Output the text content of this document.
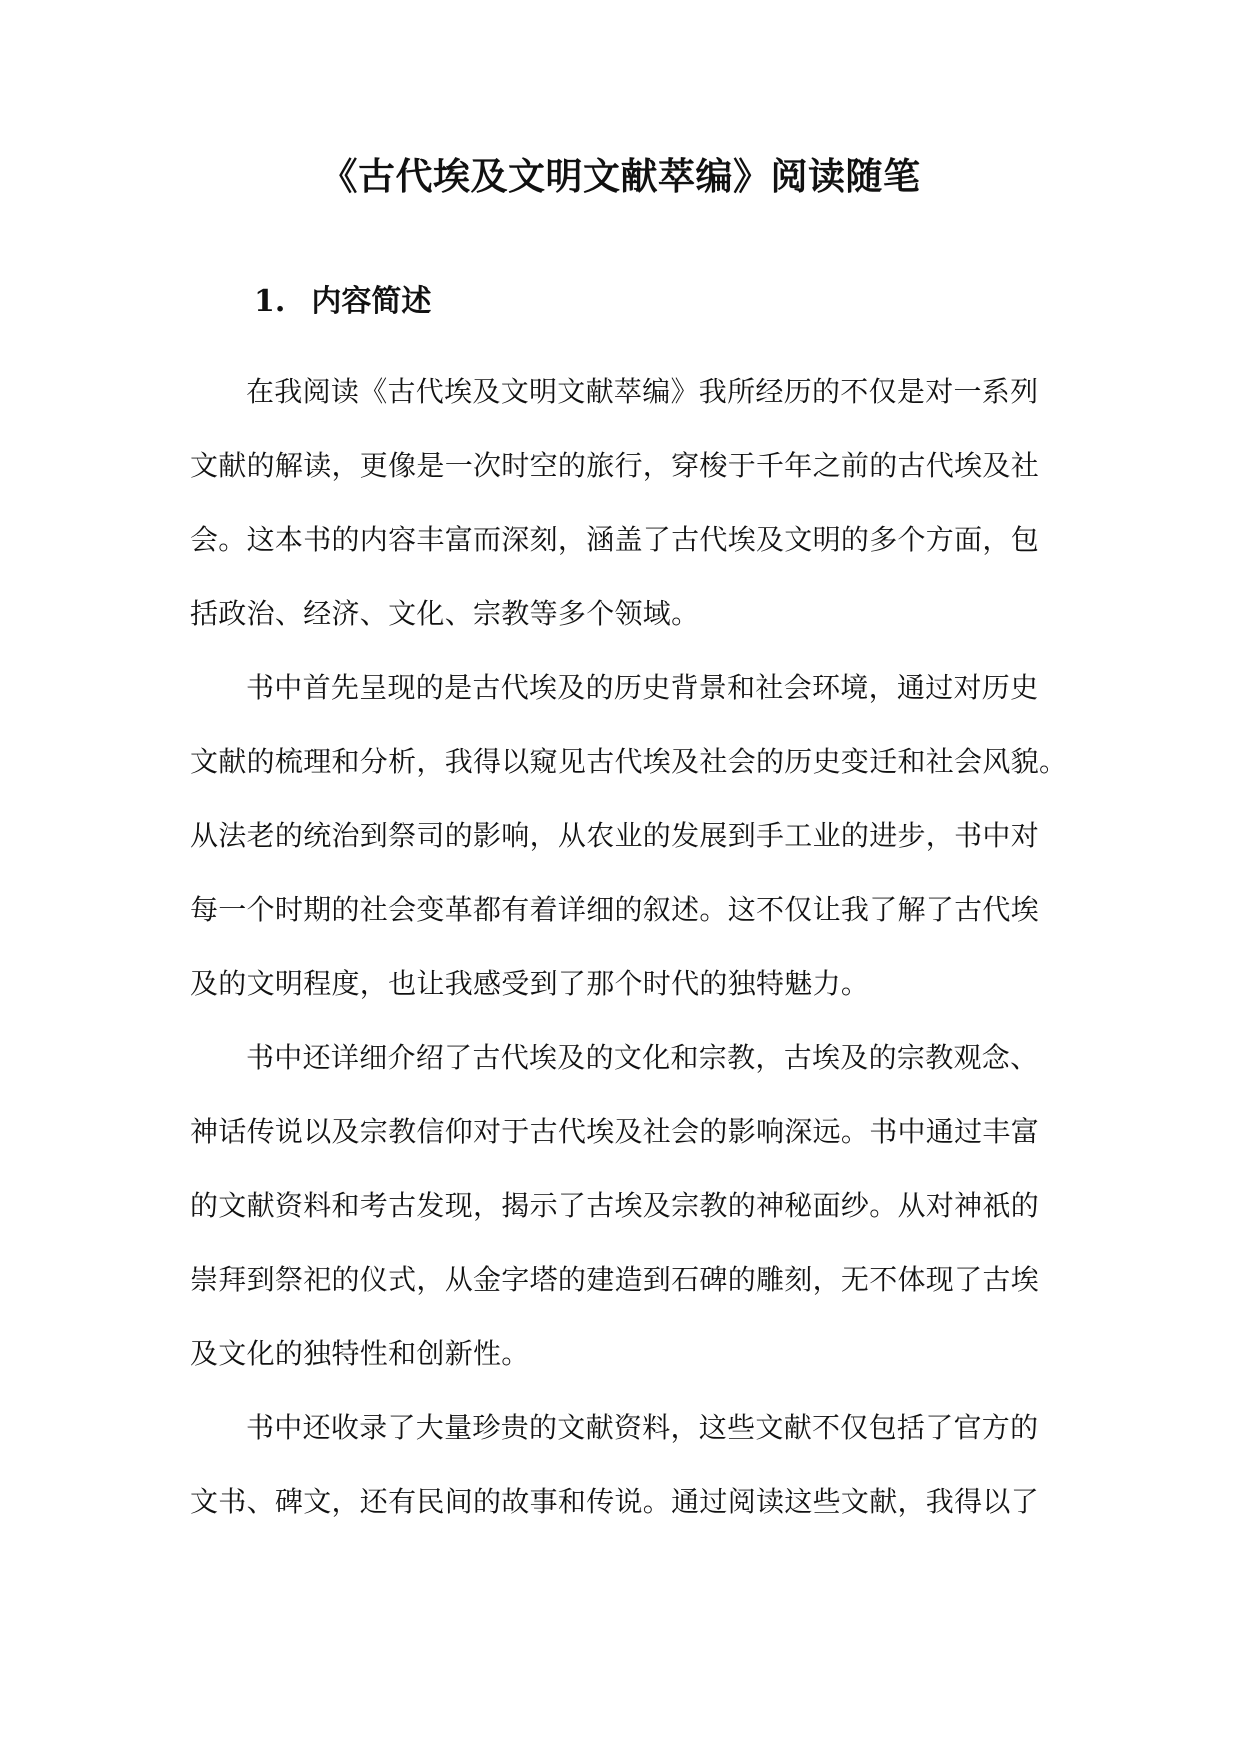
《古代埃及文明文献萃编》阅读随笔
1. 内容简述

在我阅读《古代埃及文明文献萃编》我所经历的不仅是对一系列
文献的解读，更像是一次时空的旅行，穿梭于千年之前的古代埃及社
会。这本书的内容丰富而深刻，涵盖了古代埃及文明的多个方面，包
括政治、经济、文化、宗教等多个领域。

书中首先呈现的是古代埃及的历史背景和社会环境，通过对历史
文献的梳理和分析，我得以窥见古代埃及社会的历史变迁和社会风貌。
从法老的统治到祭司的影响，从农业的发展到手工业的进步，书中对
每一个时期的社会变革都有着详细的叙述。这不仅让我了解了古代埃
及的文明程度，也让我感受到了那个时代的独特魅力。

书中还详细介绍了古代埃及的文化和宗教，古埃及的宗教观念、
神话传说以及宗教信仰对于古代埃及社会的影响深远。书中通过丰富
的文献资料和考古发现，揭示了古埃及宗教的神秘面纱。从对神祇的
崇拜到祭祀的仪式，从金字塔的建造到石碑的雕刻，无不体现了古埃
及文化的独特性和创新性。

书中还收录了大量珍贵的文献资料，这些文献不仅包括了官方的
文书、碑文，还有民间的故事和传说。通过阅读这些文献，我得以了
